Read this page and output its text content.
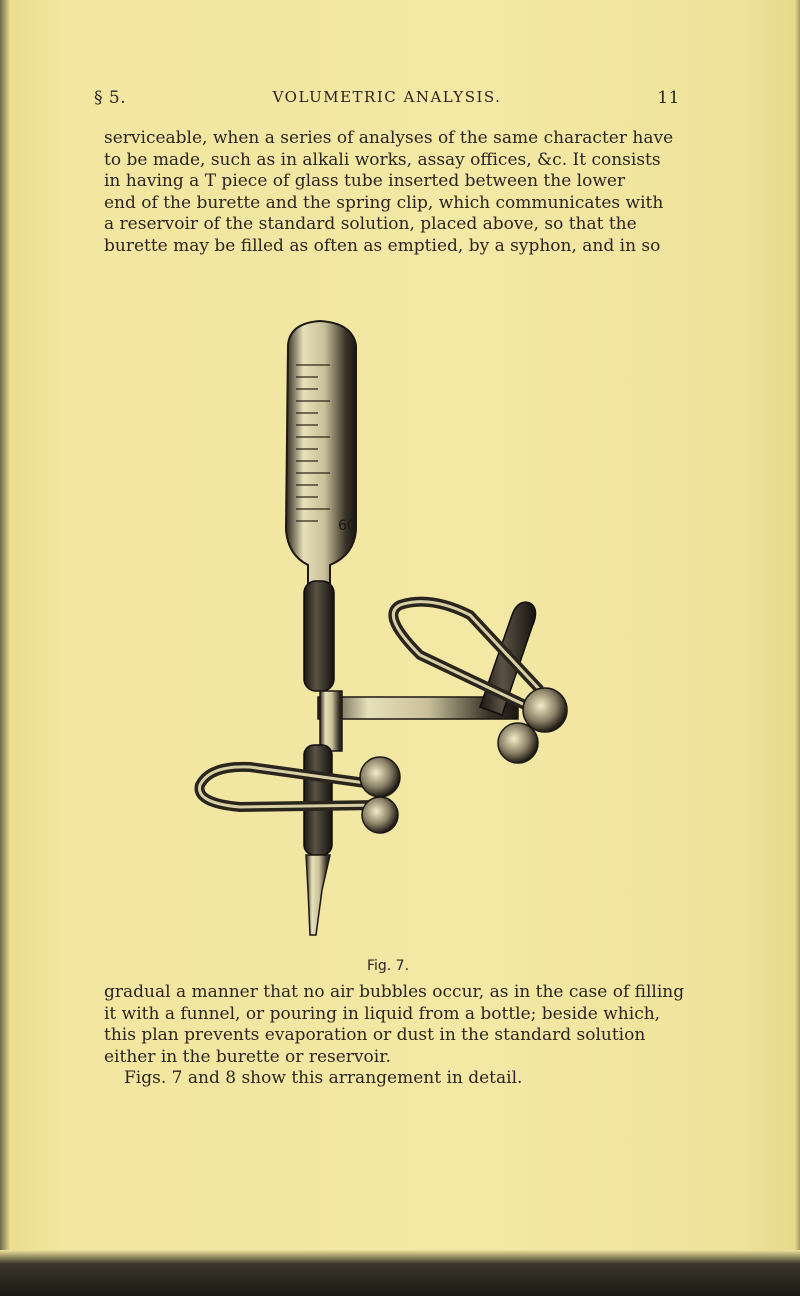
§ 5.	VOLUMETRIC ANALYSIS.	11
serviceable, when a series of analyses of the same character have
to be made, such as in alkali works, assay offices, &c. It consists
in having a T piece of glass tube inserted between the lower
end of the burette and the spring clip, which communicates with
a reservoir of the standard solution, placed above, so that the
burette may be filled as often as emptied, by a syphon, and in so
60
Fig. 7.
gradual a manner that no air bubbles occur, as in the case of filling
it with a funnel, or pouring in liquid from a bottle; beside which,
this plan prevents evaporation or dust in the standard solution
either in the burette or reservoir.
Figs. 7 and 8 show this arrangement in detail.
